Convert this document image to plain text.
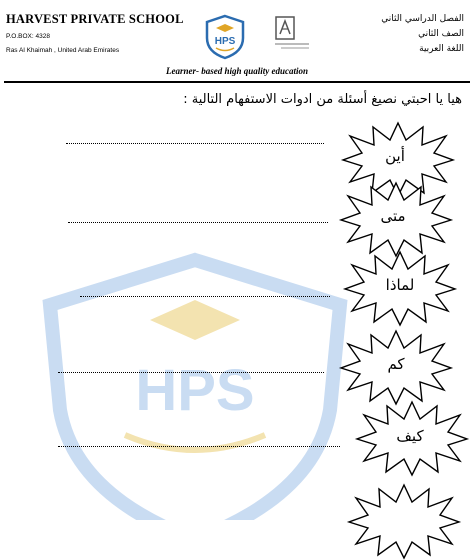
HARVEST PRIVATE SCHOOL
P.O.BOX: 4328
Ras Al Khaimah , United Arab Emirates
HPS
الفصل الدراسي الثاني
الصف الثاني
اللغة العربية
Learner- based high quality education
HPS
هيا يا احبتي نصيغ أسئلة من ادوات الاستفهام التالية :
أين
متى
لماذا
كم
كيف
